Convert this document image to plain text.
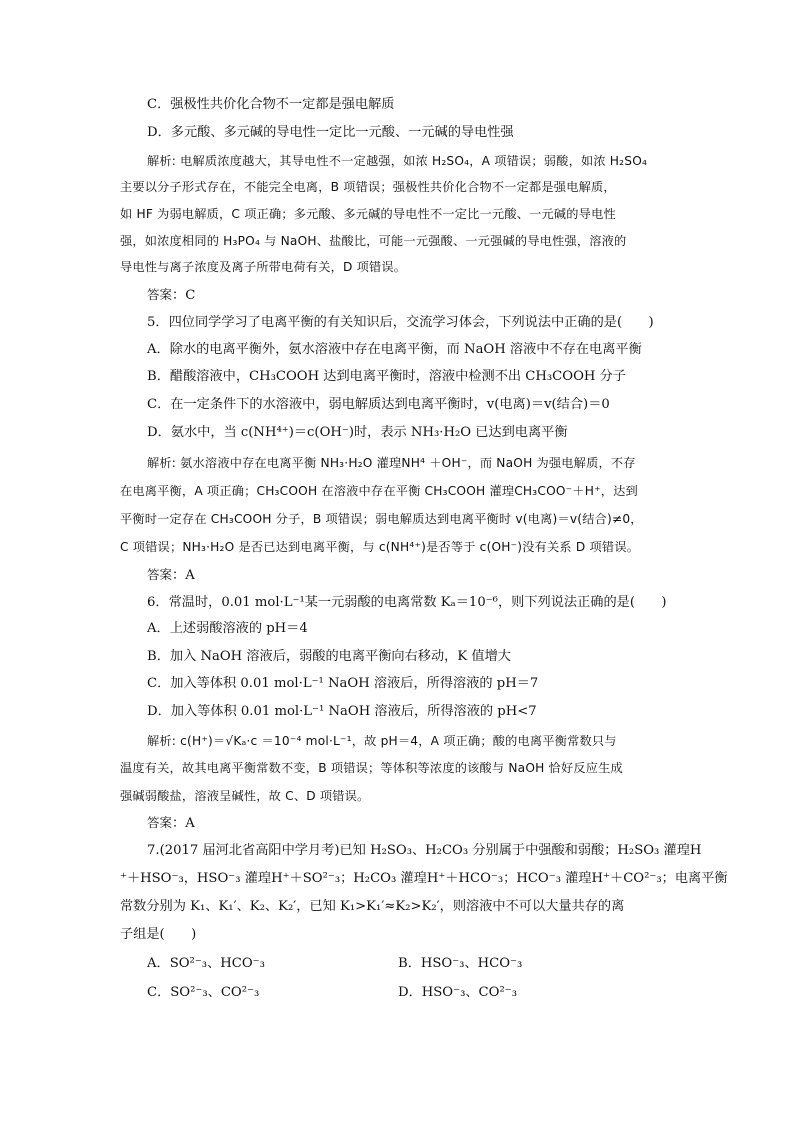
C．强极性共价化合物不一定都是强电解质
D．多元酸、多元碱的导电性一定比一元酸、一元碱的导电性强
解析: 电解质浓度越大，其导电性不一定越强，如浓 H₂SO₄，A 项错误；弱酸，如浓 H₂SO₄
主要以分子形式存在，不能完全电离，B 项错误；强极性共价化合物不一定都是强电解质，
如 HF 为弱电解质，C 项正确；多元酸、多元碱的导电性不一定比一元酸、一元碱的导电性
强，如浓度相同的 H₃PO₄ 与 NaOH、盐酸比，可能一元强酸、一元强碱的导电性强，溶液的
导电性与离子浓度及离子所带电荷有关，D 项错误。
答案：C
5．四位同学学习了电离平衡的有关知识后，交流学习体会，下列说法中正确的是(　　)
A．除水的电离平衡外，氨水溶液中存在电离平衡，而 NaOH 溶液中不存在电离平衡
B．醋酸溶液中，CH₃COOH 达到电离平衡时，溶液中检测不出 CH₃COOH 分子
C．在一定条件下的水溶液中，弱电解质达到电离平衡时，v(电离)＝v(结合)＝0
D．氨水中，当 c(NH⁴⁺)＝c(OH⁻)时，表示 NH₃·H₂O 已达到电离平衡
解析: 氨水溶液中存在电离平衡 NH₃·H₂O 灌瑝NH⁴ ＋OH⁻，而 NaOH 为强电解质，不存
在电离平衡，A 项正确；CH₃COOH 在溶液中存在平衡 CH₃COOH 灌瑝CH₃COO⁻＋H⁺，达到
平衡时一定存在 CH₃COOH 分子，B 项错误；弱电解质达到电离平衡时 v(电离)＝v(结合)≠0，
C 项错误；NH₃·H₂O 是否已达到电离平衡，与 c(NH⁴⁺)是否等于 c(OH⁻)没有关系 D 项错误。
答案：A
6．常温时，0.01 mol·L⁻¹某一元弱酸的电离常数 Kₐ＝10⁻⁶，则下列说法正确的是(　　)
A．上述弱酸溶液的 pH＝4
B．加入 NaOH 溶液后，弱酸的电离平衡向右移动，K 值增大
C．加入等体积 0.01 mol·L⁻¹ NaOH 溶液后，所得溶液的 pH＝7
D．加入等体积 0.01 mol·L⁻¹ NaOH 溶液后，所得溶液的 pH<7
解析: c(H⁺)＝√Kₐ·c ＝10⁻⁴ mol·L⁻¹，故 pH＝4，A 项正确；酸的电离平衡常数只与
温度有关，故其电离平衡常数不变，B 项错误；等体积等浓度的该酸与 NaOH 恰好反应生成
强碱弱酸盐，溶液呈碱性，故 C、D 项错误。
答案：A
7.(2017 届河北省高阳中学月考)已知 H₂SO₃、H₂CO₃ 分别属于中强酸和弱酸；H₂SO₃ 灌瑝H
⁺＋HSO⁻₃，HSO⁻₃ 灌瑝H⁺＋SO²⁻₃；H₂CO₃ 灌瑝H⁺＋HCO⁻₃；HCO⁻₃ 灌瑝H⁺＋CO²⁻₃；电离平衡
常数分别为 K₁、K₁′、K₂、K₂′，已知 K₁>K₁′≈K₂>K₂′，则溶液中不可以大量共存的离
子组是(　　)
A．SO²⁻₃、HCO⁻₃	B．HSO⁻₃、HCO⁻₃
C．SO²⁻₃、CO²⁻₃	D．HSO⁻₃、CO²⁻₃
